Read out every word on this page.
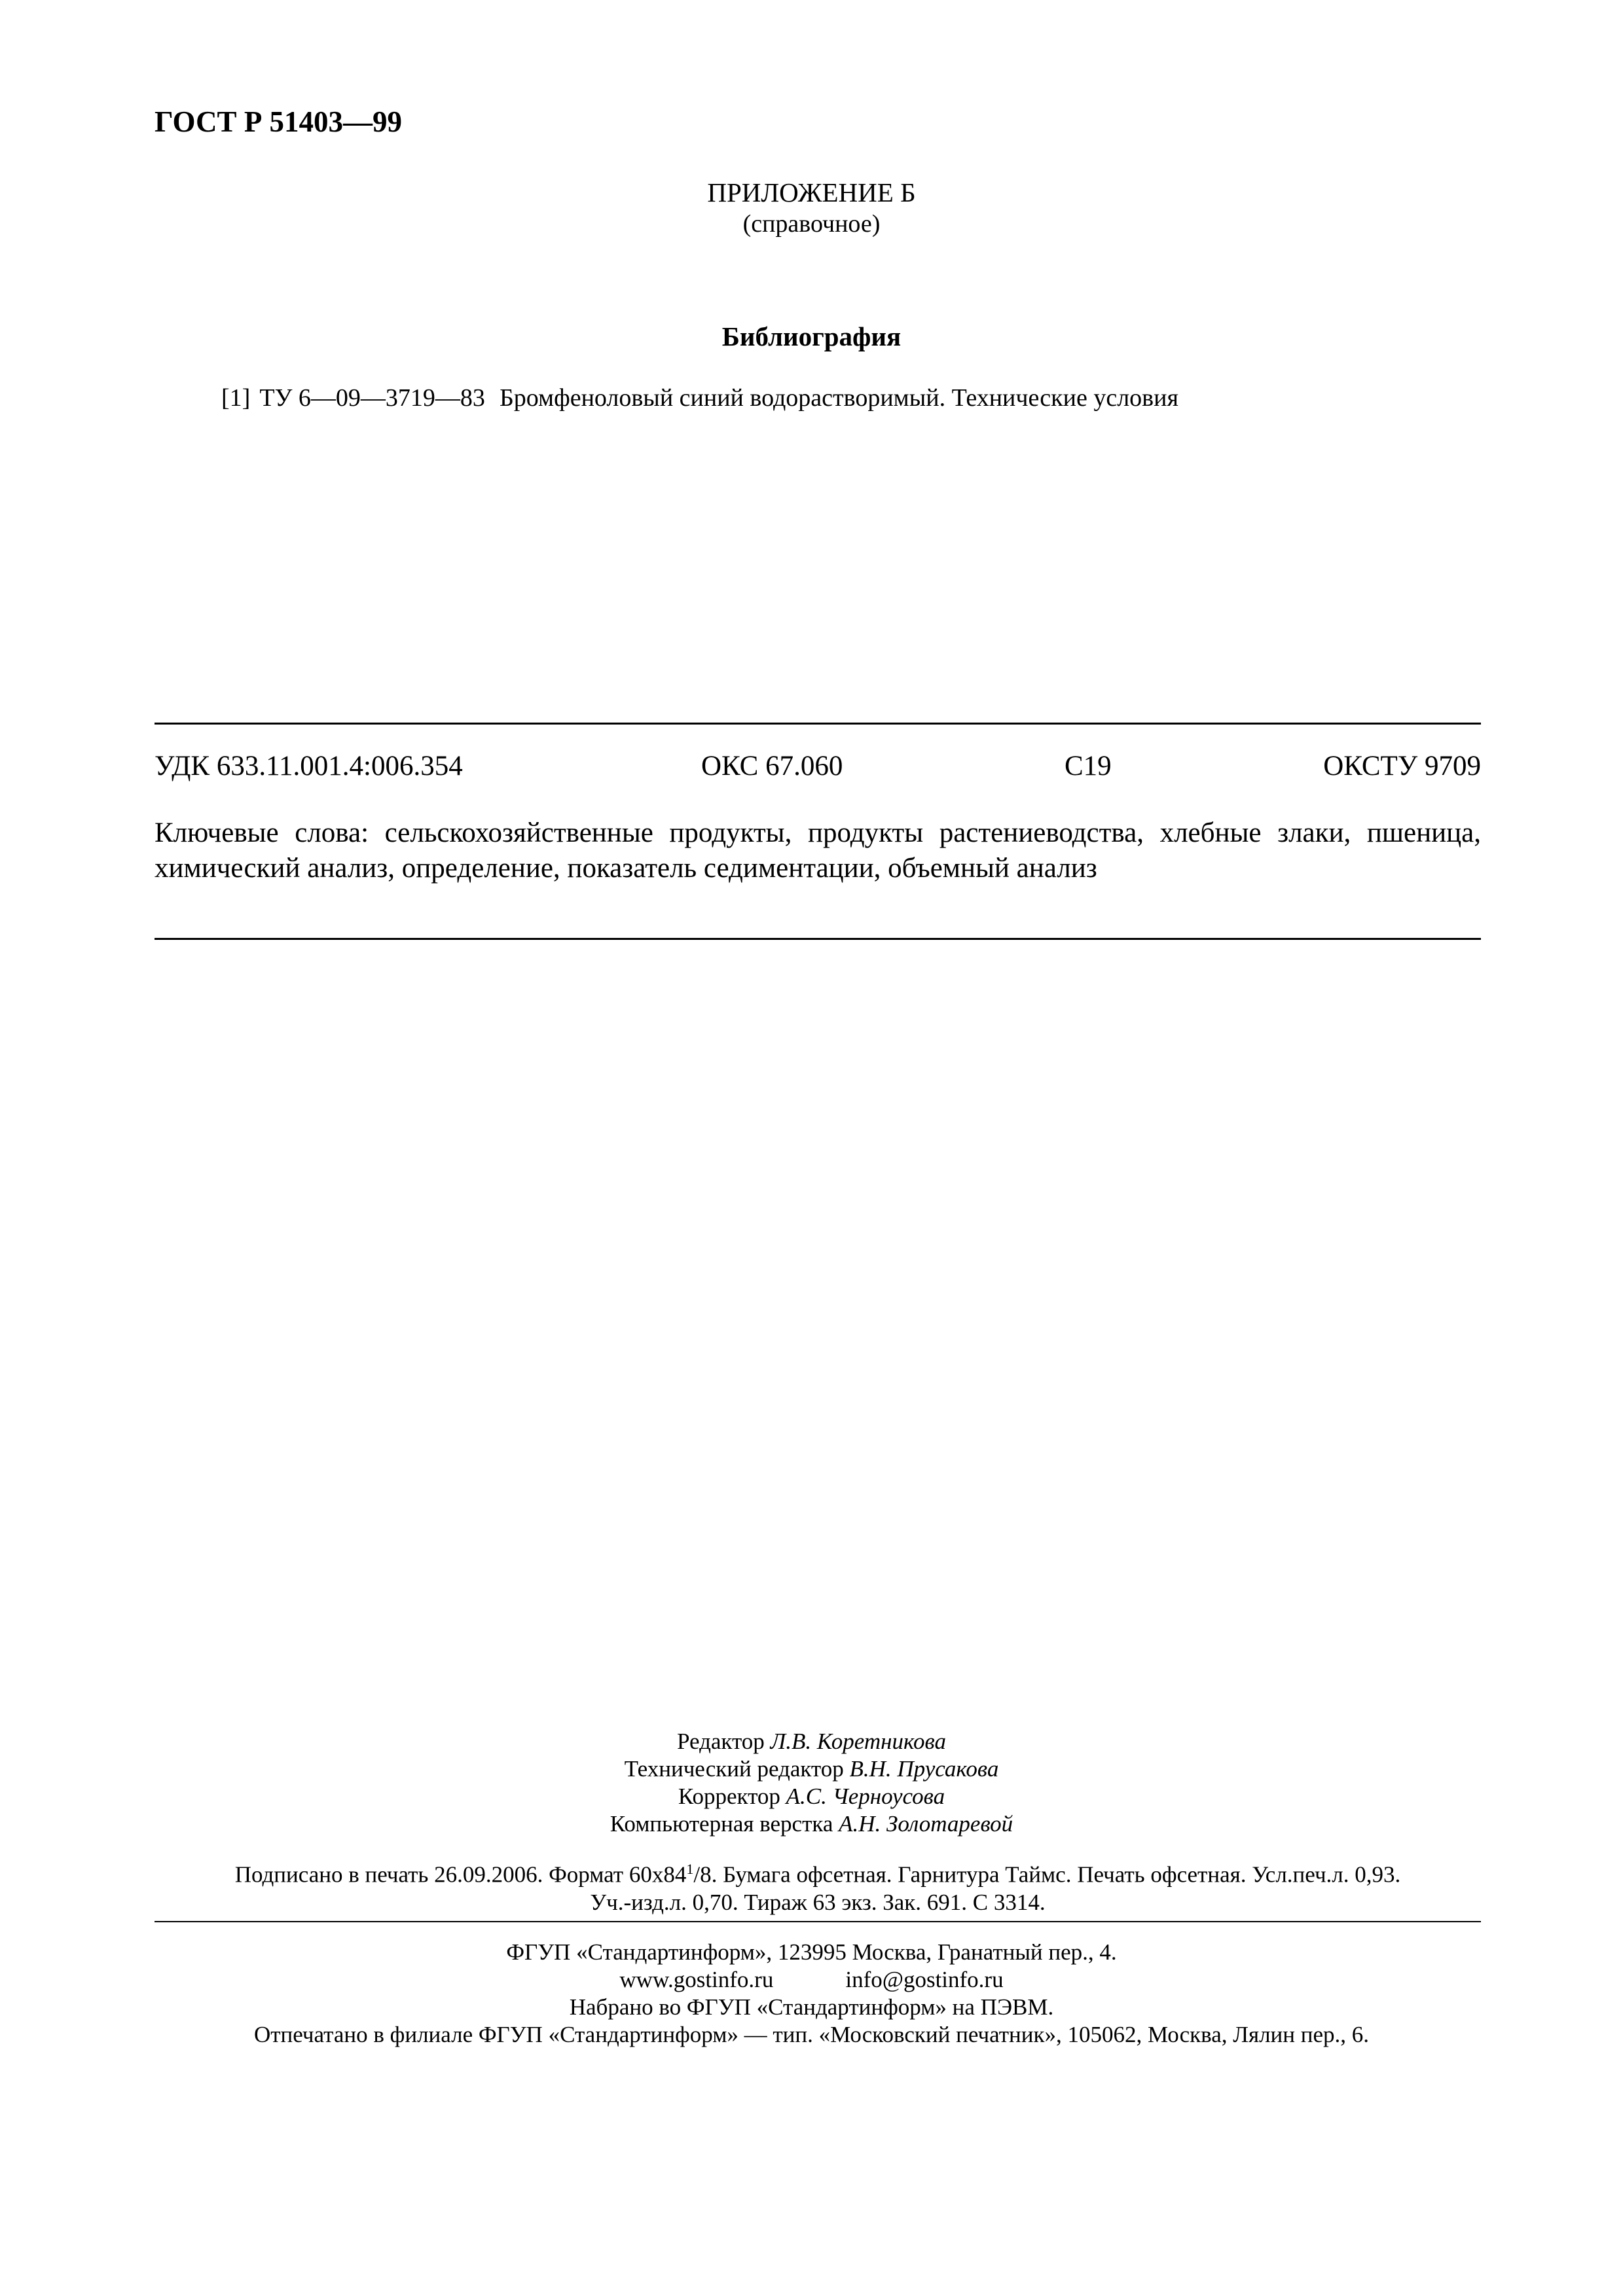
ГОСТ Р 51403—99
ПРИЛОЖЕНИЕ Б
(справочное)
Библиография
[1] ТУ 6—09—3719—83 Бромфеноловый синий водорастворимый. Технические условия
УДК 633.11.001.4:006.354	ОКС 67.060	С19	ОКСТУ 9709
Ключевые слова: сельскохозяйственные продукты, продукты растениеводства, хлебные злаки, пшеница, химический анализ, определение, показатель седиментации, объемный анализ
Редактор Л.В. Коретникова
Технический редактор В.Н. Прусакова
Корректор А.С. Черноусова
Компьютерная верстка А.Н. Золотаревой
Подписано в печать 26.09.2006. Формат $60х84^1/8$. Бумага офсетная. Гарнитура Таймс. Печать офсетная. Усл.печ.л. 0,93.
Уч.-изд.л. 0,70. Тираж 63 экз. Зак. 691. С 3314.
ФГУП «Стандартинформ», 123995 Москва, Гранатный пер., 4.
www.gostinfo.ru	info@gostinfo.ru
Набрано во ФГУП «Стандартинформ» на ПЭВМ.
Отпечатано в филиале ФГУП «Стандартинформ» — тип. «Московский печатник», 105062, Москва, Лялин пер., 6.
